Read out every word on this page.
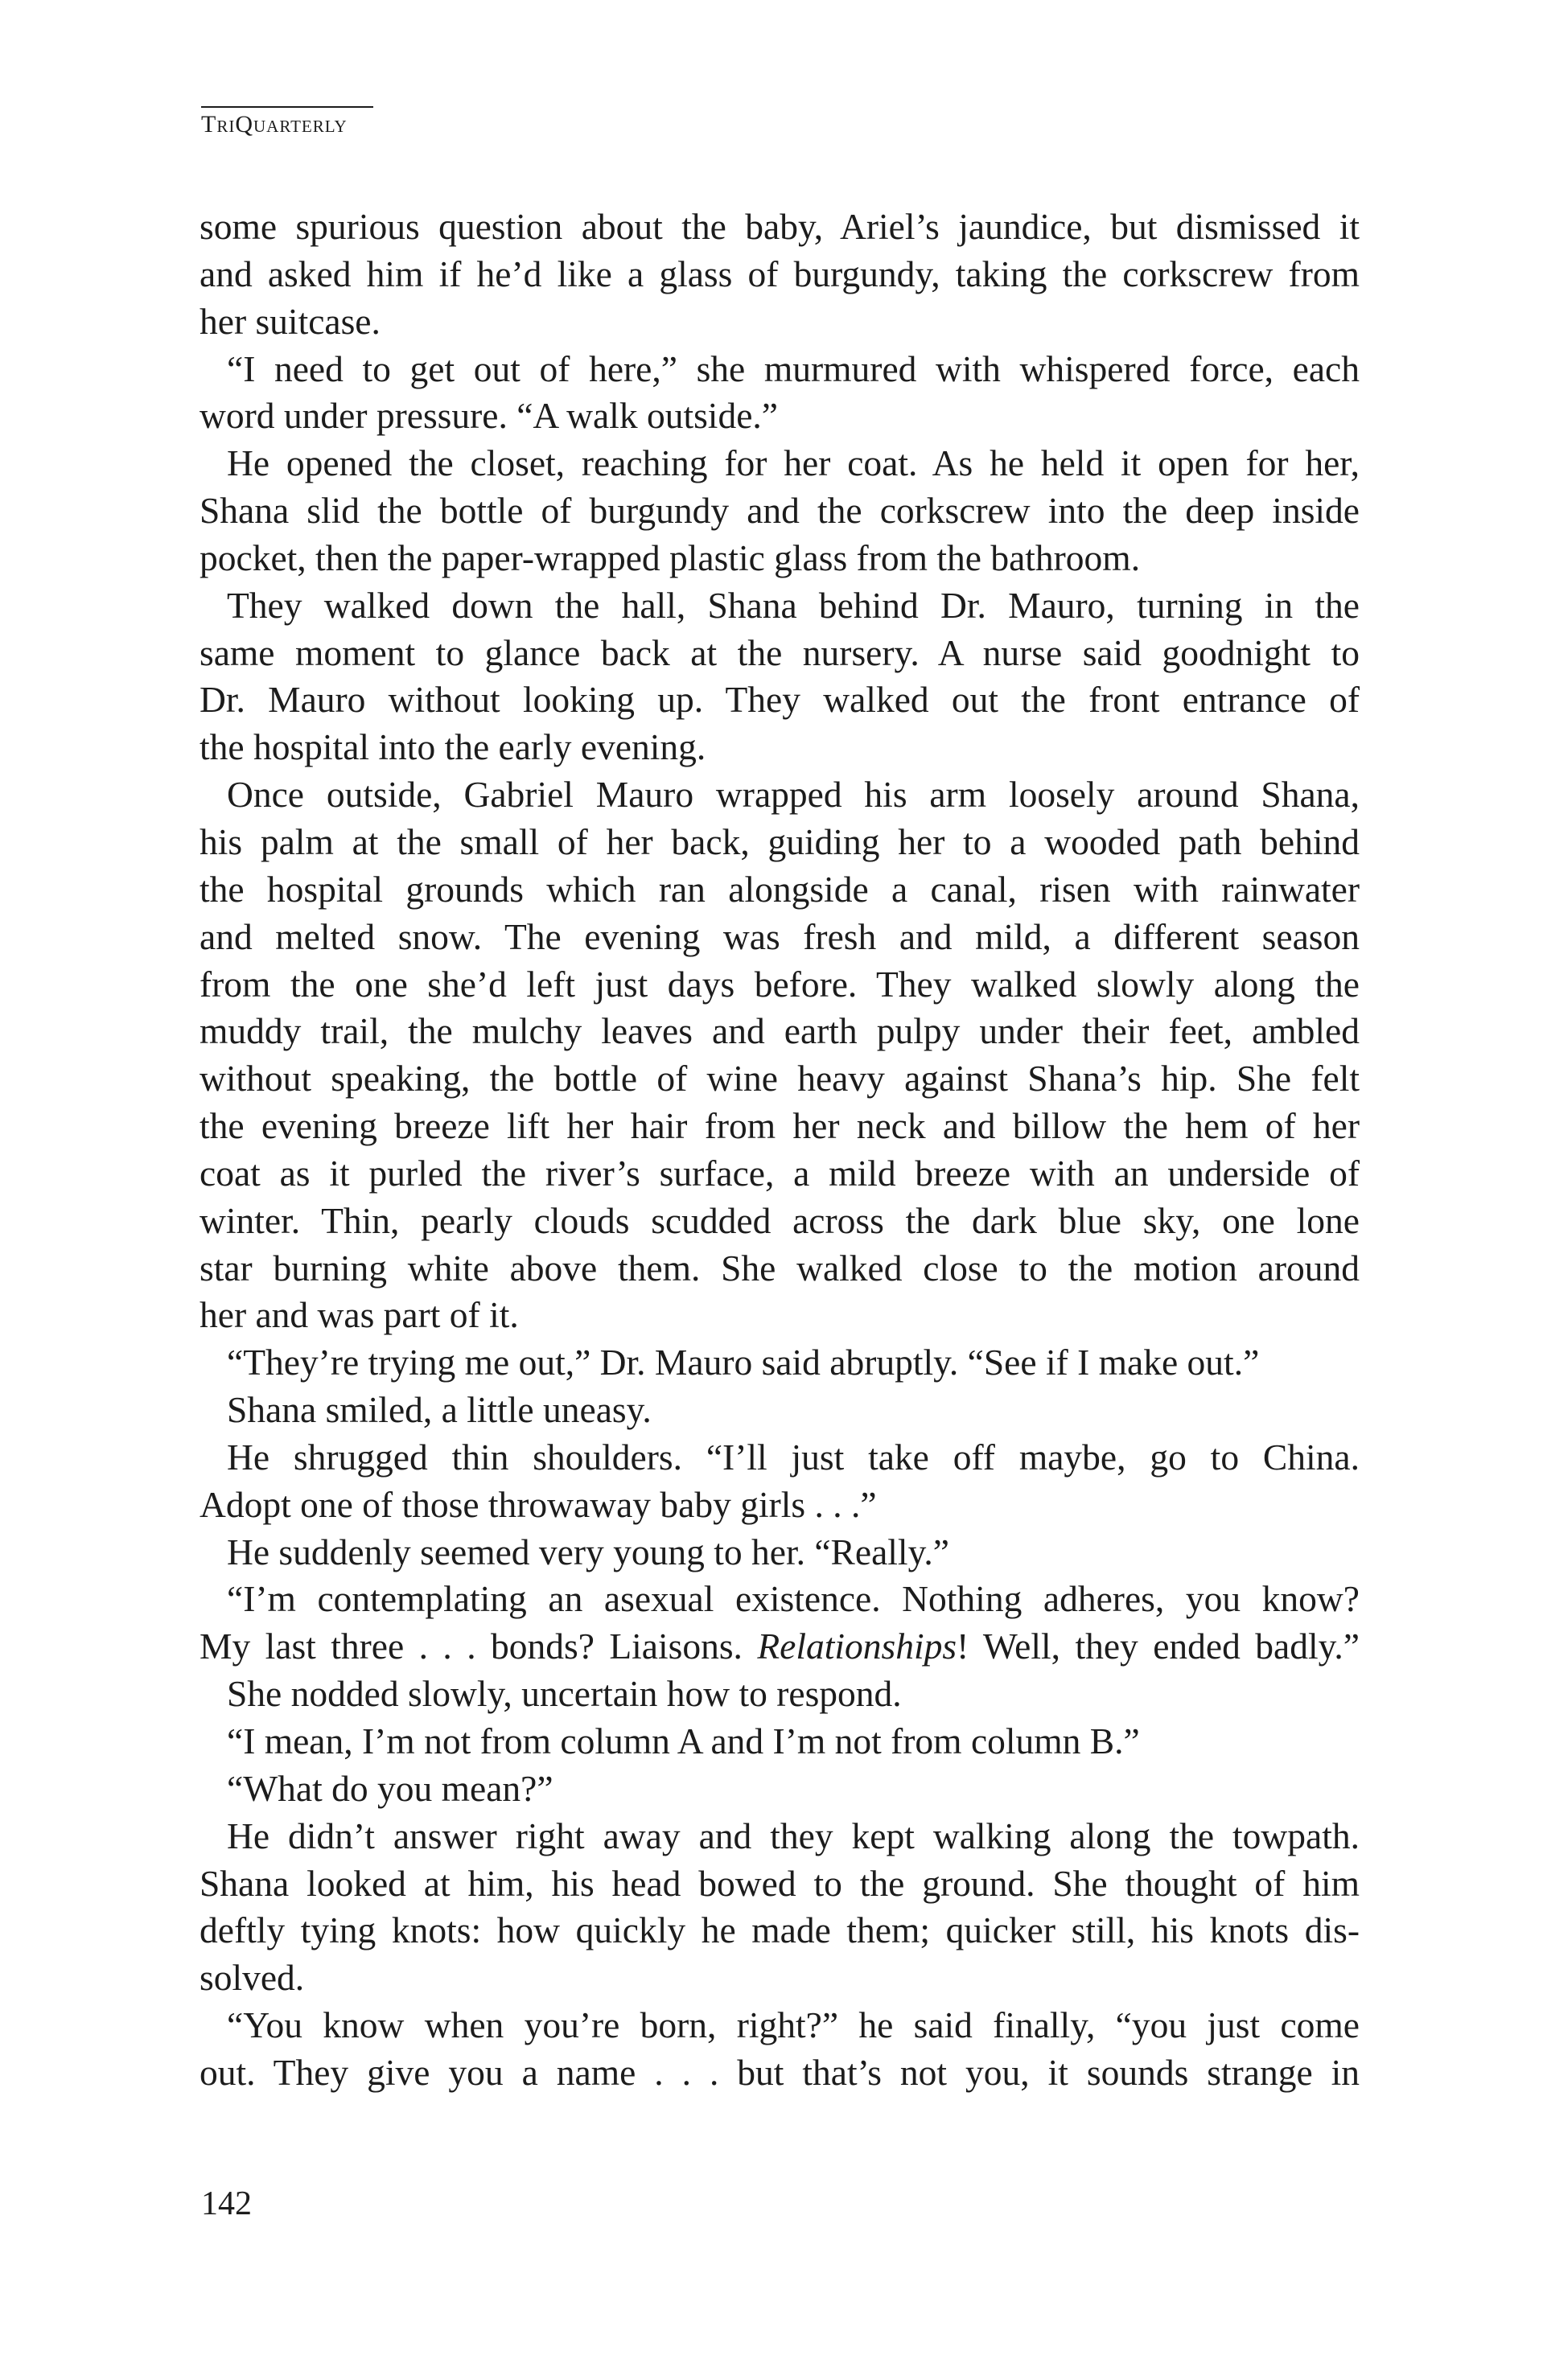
TriQuarterly
some spurious question about the baby, Ariel’s jaundice, but dismissed it
and asked him if he’d like a glass of burgundy, taking the corkscrew from
her suitcase.
“I need to get out of here,” she murmured with whispered force, each
word under pressure. “A walk outside.”
He opened the closet, reaching for her coat. As he held it open for her,
Shana slid the bottle of burgundy and the corkscrew into the deep inside
pocket, then the paper-wrapped plastic glass from the bathroom.
They walked down the hall, Shana behind Dr. Mauro, turning in the
same moment to glance back at the nursery. A nurse said goodnight to
Dr. Mauro without looking up. They walked out the front entrance of
the hospital into the early evening.
Once outside, Gabriel Mauro wrapped his arm loosely around Shana,
his palm at the small of her back, guiding her to a wooded path behind
the hospital grounds which ran alongside a canal, risen with rainwater
and melted snow. The evening was fresh and mild, a different season
from the one she’d left just days before. They walked slowly along the
muddy trail, the mulchy leaves and earth pulpy under their feet, ambled
without speaking, the bottle of wine heavy against Shana’s hip. She felt
the evening breeze lift her hair from her neck and billow the hem of her
coat as it purled the river’s surface, a mild breeze with an underside of
winter. Thin, pearly clouds scudded across the dark blue sky, one lone
star burning white above them. She walked close to the motion around
her and was part of it.
“They’re trying me out,” Dr. Mauro said abruptly. “See if I make out.”
Shana smiled, a little uneasy.
He shrugged thin shoulders. “I’ll just take off maybe, go to China.
Adopt one of those throwaway baby girls . . .”
He suddenly seemed very young to her. “Really.”
“I’m contemplating an asexual existence. Nothing adheres, you know?
My last three . . . bonds? Liaisons. Relationships! Well, they ended badly.”
She nodded slowly, uncertain how to respond.
“I mean, I’m not from column A and I’m not from column B.”
“What do you mean?”
He didn’t answer right away and they kept walking along the towpath.
Shana looked at him, his head bowed to the ground. She thought of him
deftly tying knots: how quickly he made them; quicker still, his knots dis-
solved.
“You know when you’re born, right?” he said finally, “you just come
out. They give you a name . . . but that’s not you, it sounds strange in
142
